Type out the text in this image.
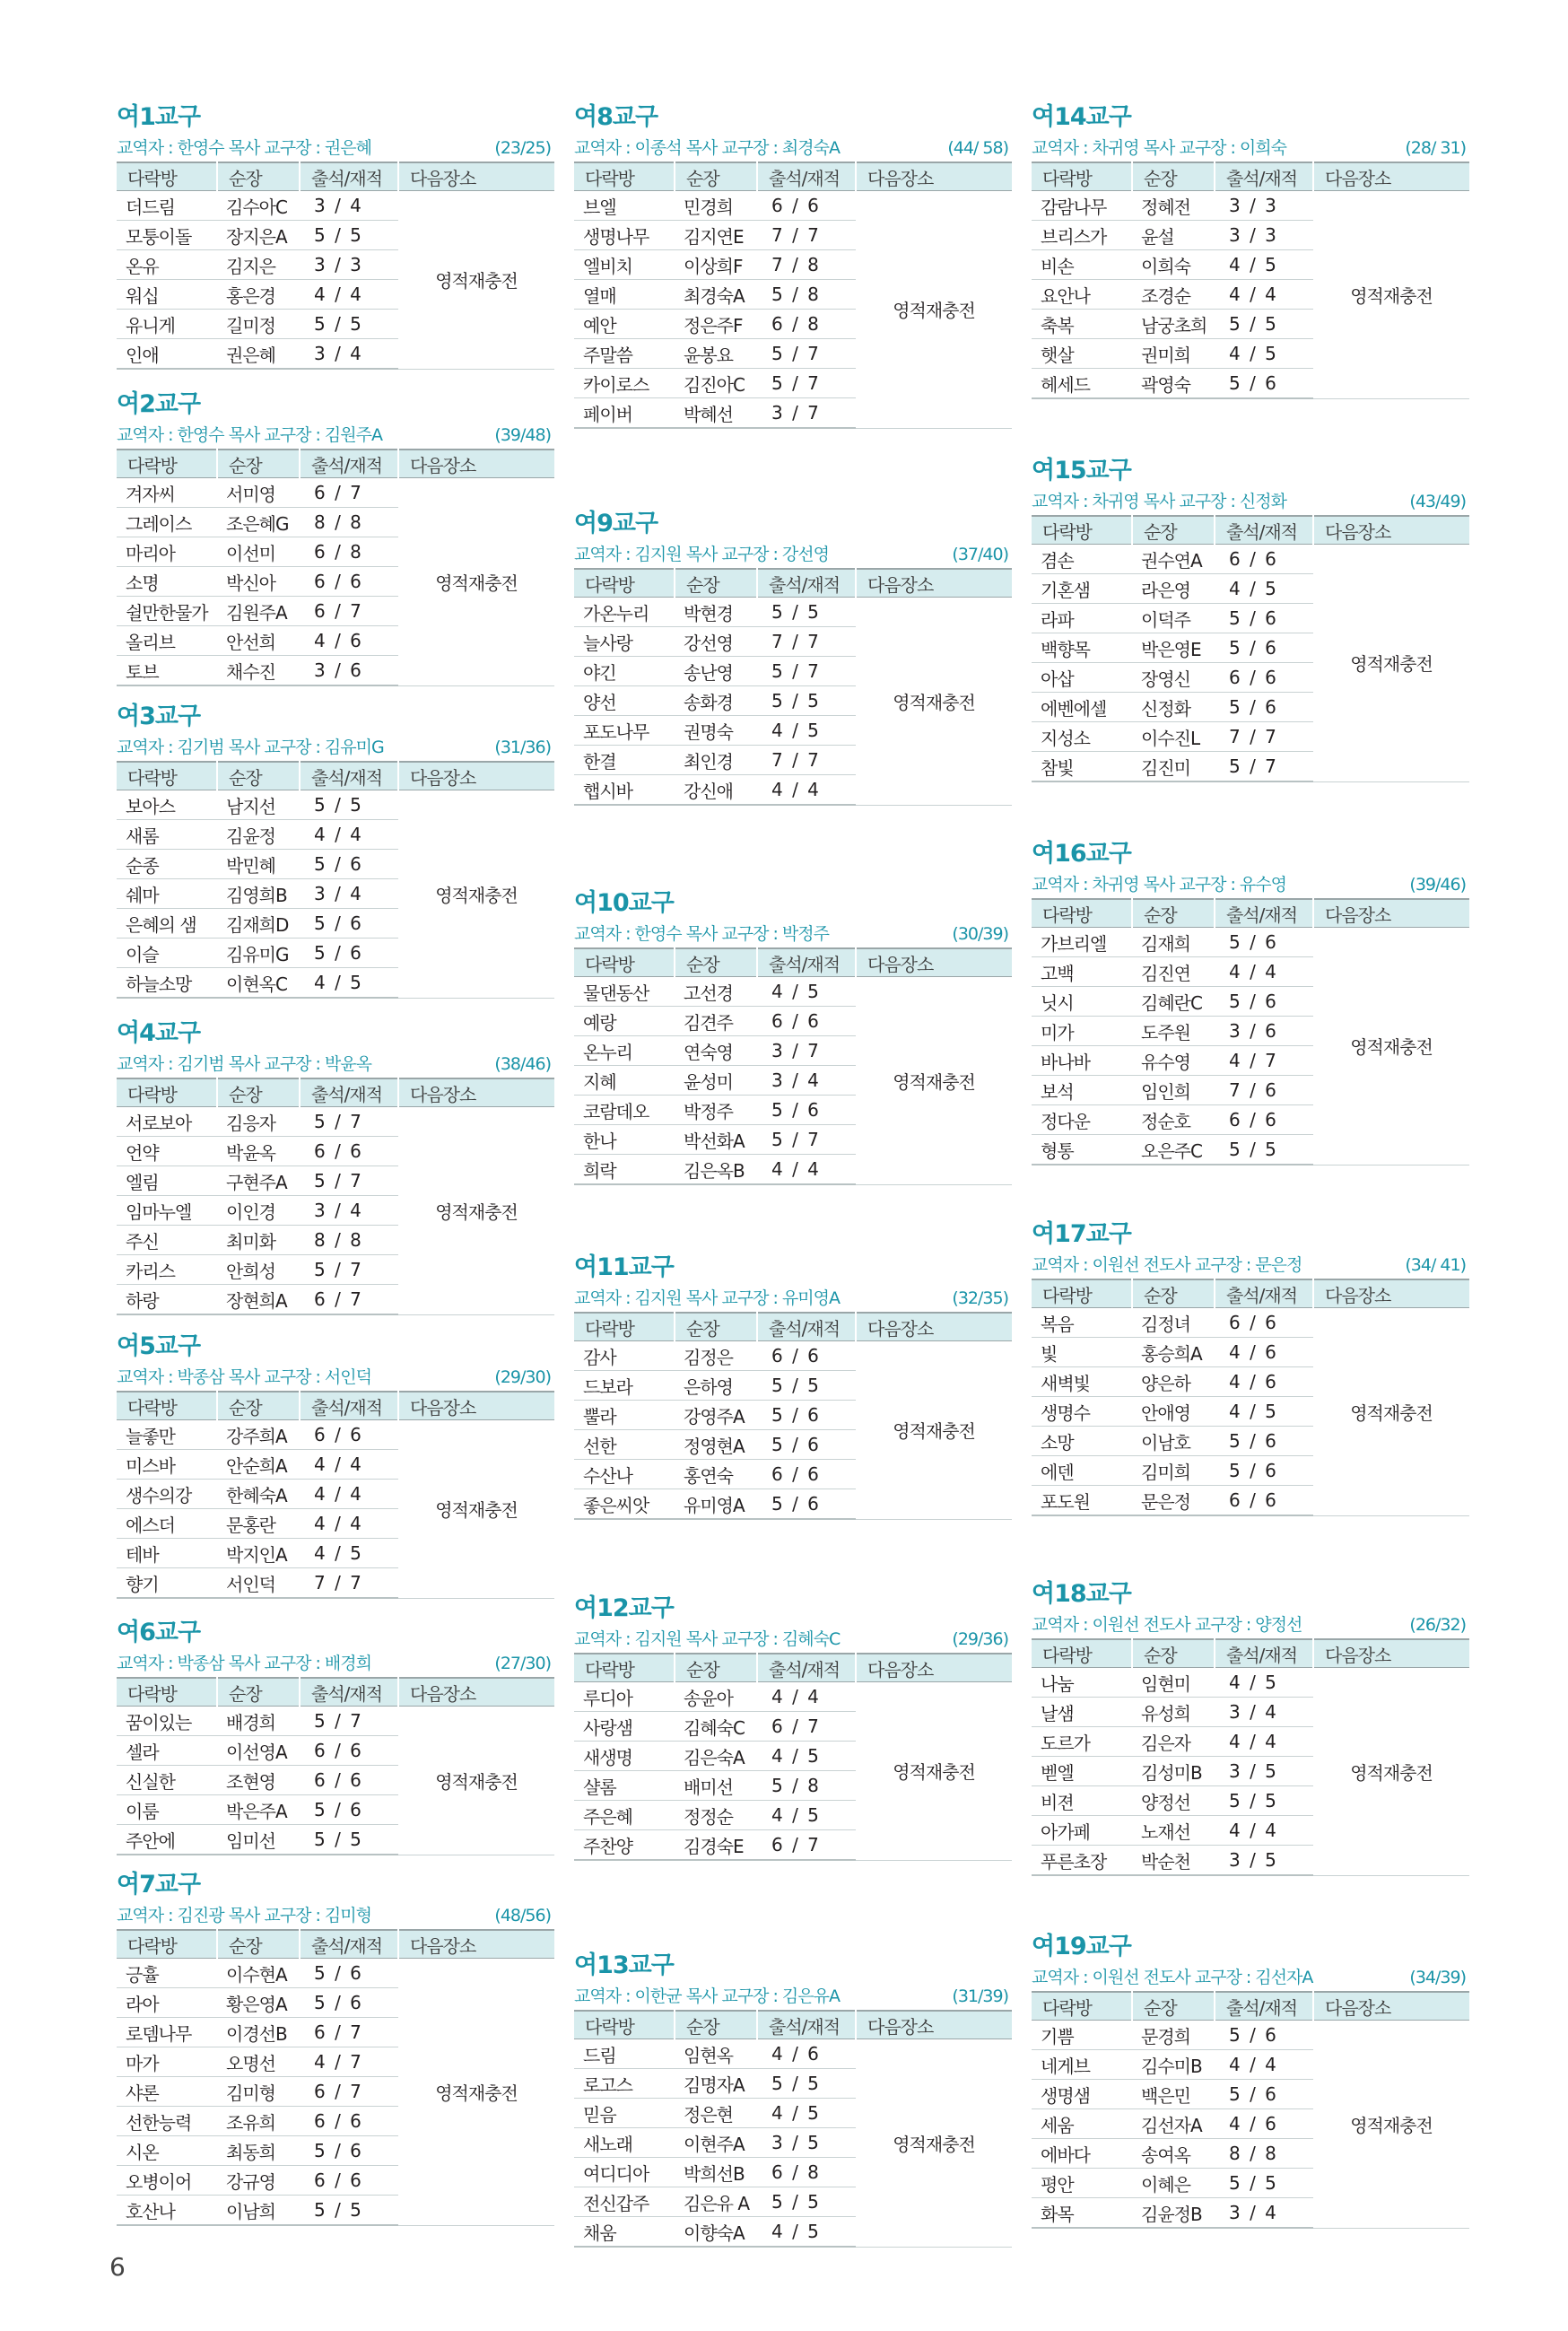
여1교구
교역자 : 한영수 목사 교구장 : 권은혜	(23/25)
다락방	순장	출석/재적	다음장소
더드림	김수아C	3 / 4	영적재충전
모퉁이돌	장지은A	5 / 5	
온유	김지은	3 / 3	
워십	홍은경	4 / 4	
유니게	길미정	5 / 5	
인애	권은혜	3 / 4	
여2교구
교역자 : 한영수 목사 교구장 : 김원주A	(39/48)
다락방	순장	출석/재적	다음장소
겨자씨	서미영	6 / 7	영적재충전
그레이스	조은혜G	8 / 8	
마리아	이선미	6 / 8	
소명	박신아	6 / 6	
쉴만한물가	김원주A	6 / 7	
올리브	안선희	4 / 6	
토브	채수진	3 / 6	
여3교구
교역자 : 김기범 목사 교구장 : 김유미G	(31/36)
다락방	순장	출석/재적	다음장소
보아스	남지선	5 / 5	영적재충전
새롬	김윤정	4 / 4	
순종	박민혜	5 / 6	
쉐마	김영희B	3 / 4	
은혜의 샘	김재희D	5 / 6	
이슬	김유미G	5 / 6	
하늘소망	이현옥C	4 / 5	
여4교구
교역자 : 김기범 목사 교구장 : 박윤옥	(38/46)
다락방	순장	출석/재적	다음장소
서로보아	김응자	5 / 7	영적재충전
언약	박윤옥	6 / 6	
엘림	구현주A	5 / 7	
임마누엘	이인경	3 / 4	
주신	최미화	8 / 8	
카리스	안희성	5 / 7	
하랑	장현희A	6 / 7	
여5교구
교역자 : 박종삼 목사 교구장 : 서인덕	(29/30)
다락방	순장	출석/재적	다음장소
늘좋만	강주희A	6 / 6	영적재충전
미스바	안순희A	4 / 4	
생수의강	한혜숙A	4 / 4	
에스더	문홍란	4 / 4	
테바	박지인A	4 / 5	
향기	서인덕	7 / 7	
여6교구
교역자 : 박종삼 목사 교구장 : 배경희	(27/30)
다락방	순장	출석/재적	다음장소
꿈이있는	배경희	5 / 7	영적재충전
셀라	이선영A	6 / 6	
신실한	조현영	6 / 6	
이룸	박은주A	5 / 6	
주안에	임미선	5 / 5	
여7교구
교역자 : 김진광 목사 교구장 : 김미형	(48/56)
다락방	순장	출석/재적	다음장소
긍휼	이수현A	5 / 6	영적재충전
라아	황은영A	5 / 6	
로뎀나무	이경선B	6 / 7	
마가	오명선	4 / 7	
샤론	김미형	6 / 7	
선한능력	조유희	6 / 6	
시온	최동희	5 / 6	
오병이어	강규영	6 / 6	
호산나	이남희	5 / 5	
여8교구
교역자 : 이종석 목사 교구장 : 최경숙A	(44/ 58)
다락방	순장	출석/재적	다음장소
브엘	민경희	6 / 6	영적재충전
생명나무	김지연E	7 / 7	
엘비치	이상희F	7 / 8	
열매	최경숙A	5 / 8	
예안	정은주F	6 / 8	
주말씀	윤봉요	5 / 7	
카이로스	김진아C	5 / 7	
페이버	박혜선	3 / 7	
여9교구
교역자 : 김지원 목사 교구장 : 강선영	(37/40)
다락방	순장	출석/재적	다음장소
가온누리	박현경	5 / 5	영적재충전
늘사랑	강선영	7 / 7	
야긴	송난영	5 / 7	
양선	송화경	5 / 5	
포도나무	권명숙	4 / 5	
한결	최인경	7 / 7	
햅시바	강신애	4 / 4	
여10교구
교역자 : 한영수 목사 교구장 : 박정주	(30/39)
다락방	순장	출석/재적	다음장소
물댄동산	고선경	4 / 5	영적재충전
예랑	김견주	6 / 6	
온누리	연숙영	3 / 7	
지혜	윤성미	3 / 4	
코람데오	박정주	5 / 6	
한나	박선화A	5 / 7	
희락	김은옥B	4 / 4	
여11교구
교역자 : 김지원 목사 교구장 : 유미영A	(32/35)
다락방	순장	출석/재적	다음장소
감사	김정은	6 / 6	영적재충전
드보라	은하영	5 / 5	
뿔라	강영주A	5 / 6	
선한	정영현A	5 / 6	
수산나	홍연숙	6 / 6	
좋은씨앗	유미영A	5 / 6	
여12교구
교역자 : 김지원 목사 교구장 : 김혜숙C	(29/36)
다락방	순장	출석/재적	다음장소
루디아	송윤아	4 / 4	영적재충전
사랑샘	김혜숙C	6 / 7	
새생명	김은숙A	4 / 5	
샬롬	배미선	5 / 8	
주은혜	정정순	4 / 5	
주찬양	김경숙E	6 / 7	
여13교구
교역자 : 이한균 목사 교구장 : 김은유A	(31/39)
다락방	순장	출석/재적	다음장소
드림	임현옥	4 / 6	영적재충전
로고스	김명자A	5 / 5	
믿음	정은현	4 / 5	
새노래	이현주A	3 / 5	
여디디아	박희선B	6 / 8	
전신갑주	김은유 A	5 / 5	
채움	이향숙A	4 / 5	
여14교구
교역자 : 차귀영 목사 교구장 : 이희숙	(28/ 31)
다락방	순장	출석/재적	다음장소
감람나무	정혜전	3 / 3	영적재충전
브리스가	윤설	3 / 3	
비손	이희숙	4 / 5	
요안나	조경순	4 / 4	
축복	남궁초희	5 / 5	
햇살	권미희	4 / 5	
헤세드	곽영숙	5 / 6	
여15교구
교역자 : 차귀영 목사 교구장 : 신정화	(43/49)
다락방	순장	출석/재적	다음장소
겸손	권수연A	6 / 6	영적재충전
기혼샘	라은영	4 / 5	
라파	이덕주	5 / 6	
백향목	박은영E	5 / 6	
아삽	장영신	6 / 6	
에벤에셀	신정화	5 / 6	
지성소	이수진L	7 / 7	
참빛	김진미	5 / 7	
여16교구
교역자 : 차귀영 목사 교구장 : 유수영	(39/46)
다락방	순장	출석/재적	다음장소
가브리엘	김재희	5 / 6	영적재충전
고백	김진연	4 / 4	
닛시	김혜란C	5 / 6	
미가	도주원	3 / 6	
바나바	유수영	4 / 7	
보석	임인희	7 / 6	
정다운	정순호	6 / 6	
형통	오은주C	5 / 5	
여17교구
교역자 : 이원선 전도사 교구장 : 문은정	(34/ 41)
다락방	순장	출석/재적	다음장소
복음	김정녀	6 / 6	영적재충전
빛	홍승희A	4 / 6	
새벽빛	양은하	4 / 6	
생명수	안애영	4 / 5	
소망	이남호	5 / 6	
에덴	김미희	5 / 6	
포도원	문은정	6 / 6	
여18교구
교역자 : 이원선 전도사 교구장 : 양정선	(26/32)
다락방	순장	출석/재적	다음장소
나눔	임현미	4 / 5	영적재충전
날샘	유성희	3 / 4	
도르가	김은자	4 / 4	
벧엘	김성미B	3 / 5	
비젼	양정선	5 / 5	
아가페	노재선	4 / 4	
푸른초장	박순천	3 / 5	
여19교구
교역자 : 이원선 전도사 교구장 : 김선자A	(34/39)
다락방	순장	출석/재적	다음장소
기쁨	문경희	5 / 6	영적재충전
네게브	김수미B	4 / 4	
생명샘	백은민	5 / 6	
세움	김선자A	4 / 6	
에바다	송여옥	8 / 8	
평안	이혜은	5 / 5	
화목	김윤정B	3 / 4	
6
